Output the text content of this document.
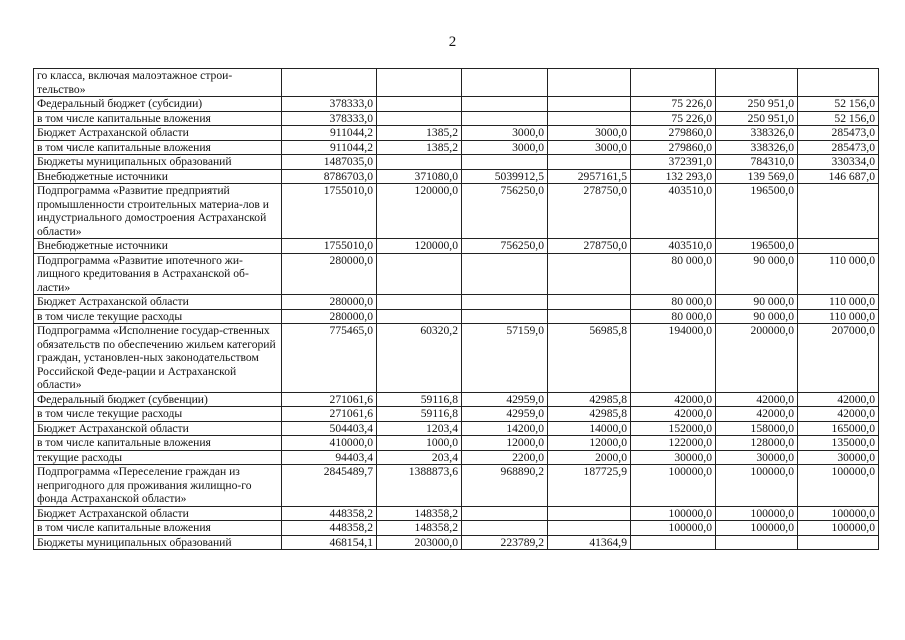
2
го класса, включая малоэтажное строи-тельство»							
Федеральный бюджет (субсидии)	378333,0				75 226,0	250 951,0	52 156,0
в том числе капитальные вложения	378333,0				75 226,0	250 951,0	52 156,0
Бюджет Астраханской области	911044,2	1385,2	3000,0	3000,0	279860,0	338326,0	285473,0
в том числе капитальные вложения	911044,2	1385,2	3000,0	3000,0	279860,0	338326,0	285473,0
Бюджеты муниципальных образований	1487035,0				372391,0	784310,0	330334,0
Внебюджетные источники	8786703,0	371080,0	5039912,5	2957161,5	132 293,0	139 569,0	146 687,0
Подпрограмма «Развитие предприятий промышленности строительных материа-лов и индустриального домостроения Астраханской области»	1755010,0	120000,0	756250,0	278750,0	403510,0	196500,0	
Внебюджетные источники	1755010,0	120000,0	756250,0	278750,0	403510,0	196500,0	
Подпрограмма «Развитие ипотечного жи-лищного кредитования в Астраханской об-ласти»	280000,0				80 000,0	90 000,0	110 000,0
Бюджет Астраханской области	280000,0				80 000,0	90 000,0	110 000,0
в том числе текущие расходы	280000,0				80 000,0	90 000,0	110 000,0
Подпрограмма «Исполнение государ-ственных обязательств по обеспечению жильем категорий граждан, установлен-ных законодательством Российской Феде-рации и Астраханской области»	775465,0	60320,2	57159,0	56985,8	194000,0	200000,0	207000,0
Федеральный бюджет (субвенции)	271061,6	59116,8	42959,0	42985,8	42000,0	42000,0	42000,0
в том числе текущие расходы	271061,6	59116,8	42959,0	42985,8	42000,0	42000,0	42000,0
Бюджет Астраханской области	504403,4	1203,4	14200,0	14000,0	152000,0	158000,0	165000,0
в том числе капитальные вложения	410000,0	1000,0	12000,0	12000,0	122000,0	128000,0	135000,0
текущие расходы	94403,4	203,4	2200,0	2000,0	30000,0	30000,0	30000,0
Подпрограмма «Переселение граждан из непригодного для проживания жилищно-го фонда Астраханской области»	2845489,7	1388873,6	968890,2	187725,9	100000,0	100000,0	100000,0
Бюджет Астраханской области	448358,2	148358,2			100000,0	100000,0	100000,0
в том числе капитальные вложения	448358,2	148358,2			100000,0	100000,0	100000,0
Бюджеты муниципальных образований	468154,1	203000,0	223789,2	41364,9			
